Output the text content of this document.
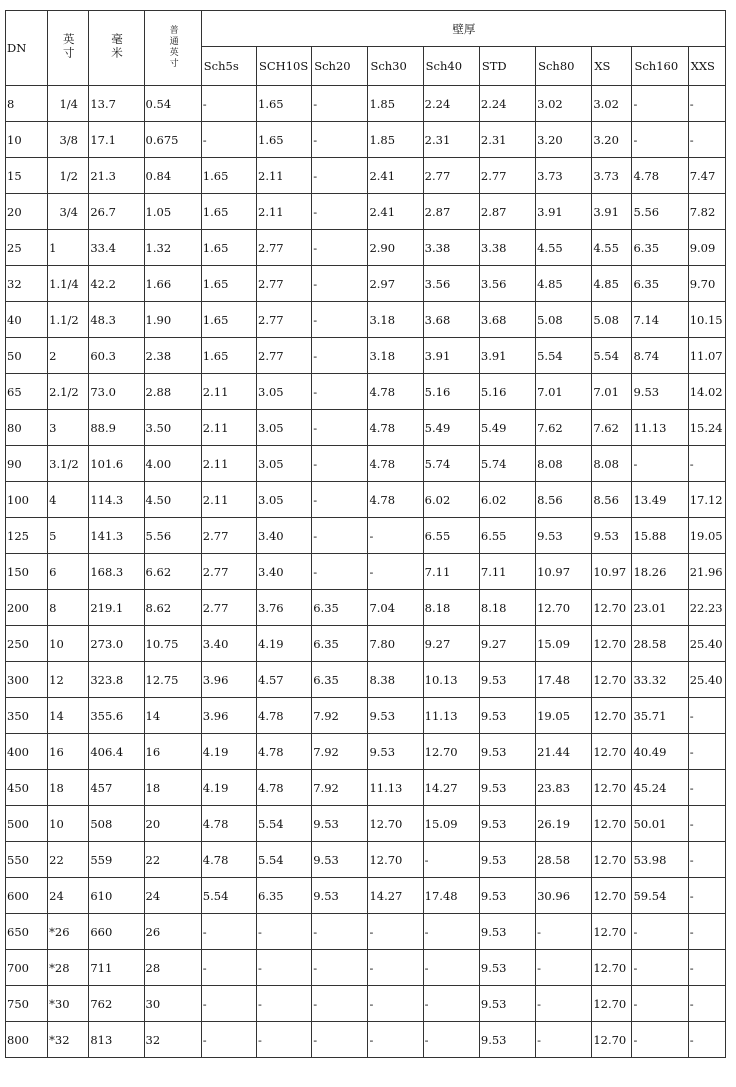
DN	英寸	毫米	普通英寸	壁厚									
				Sch5s	SCH10S	Sch20	Sch30	Sch40	STD	Sch80	XS	Sch160	XXS
8	1/4	13.7	0.54	-	1.65	-	1.85	2.24	2.24	3.02	3.02	-	-
10	3/8	17.1	0.675	-	1.65	-	1.85	2.31	2.31	3.20	3.20	-	-
15	1/2	21.3	0.84	1.65	2.11	-	2.41	2.77	2.77	3.73	3.73	4.78	7.47
20	3/4	26.7	1.05	1.65	2.11	-	2.41	2.87	2.87	3.91	3.91	5.56	7.82
25	1	33.4	1.32	1.65	2.77	-	2.90	3.38	3.38	4.55	4.55	6.35	9.09
32	1.1/4	42.2	1.66	1.65	2.77	-	2.97	3.56	3.56	4.85	4.85	6.35	9.70
40	1.1/2	48.3	1.90	1.65	2.77	-	3.18	3.68	3.68	5.08	5.08	7.14	10.15
50	2	60.3	2.38	1.65	2.77	-	3.18	3.91	3.91	5.54	5.54	8.74	11.07
65	2.1/2	73.0	2.88	2.11	3.05	-	4.78	5.16	5.16	7.01	7.01	9.53	14.02
80	3	88.9	3.50	2.11	3.05	-	4.78	5.49	5.49	7.62	7.62	11.13	15.24
90	3.1/2	101.6	4.00	2.11	3.05	-	4.78	5.74	5.74	8.08	8.08	-	-
100	4	114.3	4.50	2.11	3.05	-	4.78	6.02	6.02	8.56	8.56	13.49	17.12
125	5	141.3	5.56	2.77	3.40	-	-	6.55	6.55	9.53	9.53	15.88	19.05
150	6	168.3	6.62	2.77	3.40	-	-	7.11	7.11	10.97	10.97	18.26	21.96
200	8	219.1	8.62	2.77	3.76	6.35	7.04	8.18	8.18	12.70	12.70	23.01	22.23
250	10	273.0	10.75	3.40	4.19	6.35	7.80	9.27	9.27	15.09	12.70	28.58	25.40
300	12	323.8	12.75	3.96	4.57	6.35	8.38	10.13	9.53	17.48	12.70	33.32	25.40
350	14	355.6	14	3.96	4.78	7.92	9.53	11.13	9.53	19.05	12.70	35.71	-
400	16	406.4	16	4.19	4.78	7.92	9.53	12.70	9.53	21.44	12.70	40.49	-
450	18	457	18	4.19	4.78	7.92	11.13	14.27	9.53	23.83	12.70	45.24	-
500	10	508	20	4.78	5.54	9.53	12.70	15.09	9.53	26.19	12.70	50.01	-
550	22	559	22	4.78	5.54	9.53	12.70	-	9.53	28.58	12.70	53.98	-
600	24	610	24	5.54	6.35	9.53	14.27	17.48	9.53	30.96	12.70	59.54	-
650	*26	660	26	-	-	-	-	-	9.53	-	12.70	-	-
700	*28	711	28	-	-	-	-	-	9.53	-	12.70	-	-
750	*30	762	30	-	-	-	-	-	9.53	-	12.70	-	-
800	*32	813	32	-	-	-	-	-	9.53	-	12.70	-	-
